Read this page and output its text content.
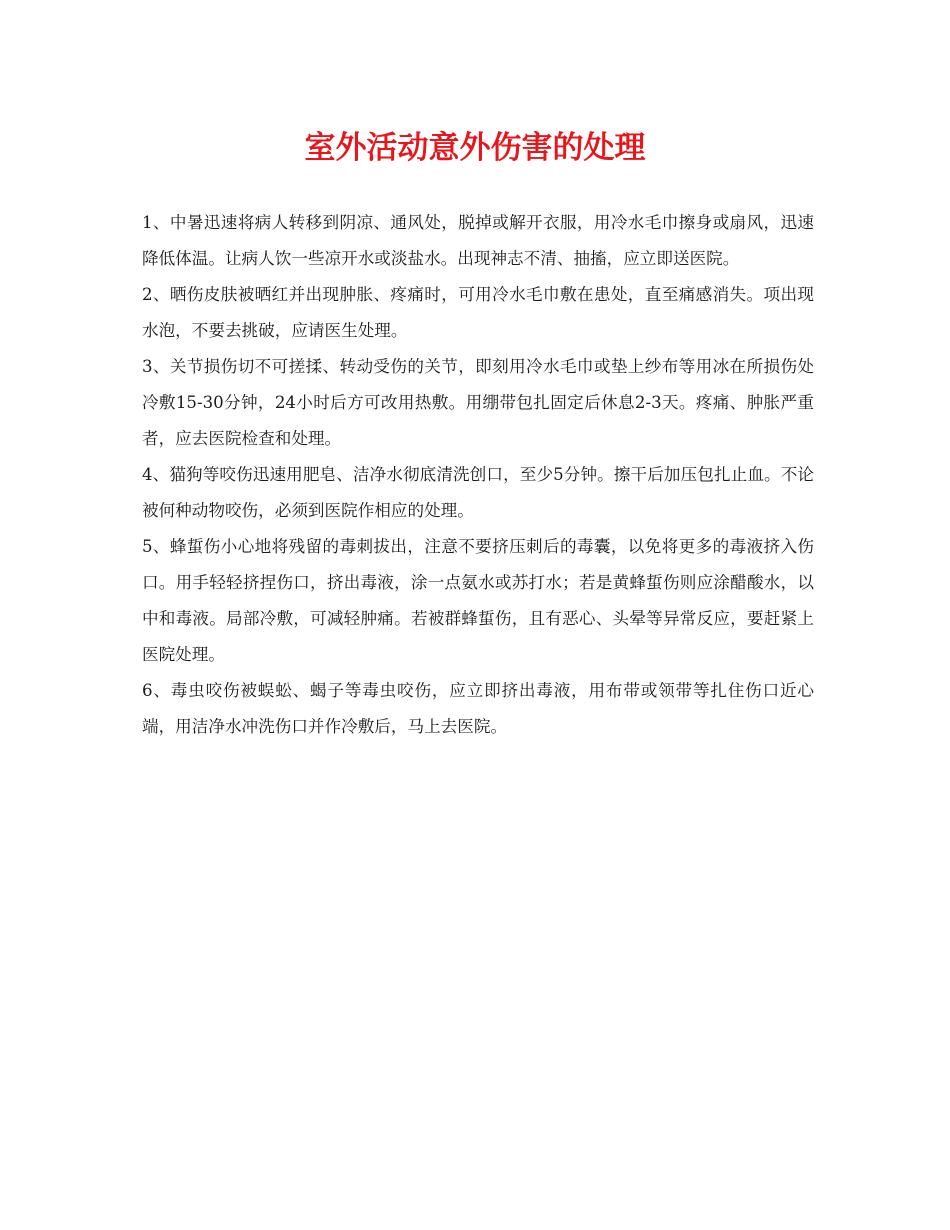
室外活动意外伤害的处理

1、中暑迅速将病人转移到阴凉、通风处，脱掉或解开衣服，用冷水毛巾擦身或扇风，迅速降低体温。让病人饮一些凉开水或淡盐水。出现神志不清、抽搐，应立即送医院。

2、晒伤皮肤被晒红并出现肿胀、疼痛时，可用冷水毛巾敷在患处，直至痛感消失。项出现水泡，不要去挑破，应请医生处理。

3、关节损伤切不可搓揉、转动受伤的关节，即刻用冷水毛巾或垫上纱布等用冰在所损伤处冷敷15-30分钟，24小时后方可改用热敷。用绷带包扎固定后休息2-3天。疼痛、肿胀严重者，应去医院检查和处理。

4、猫狗等咬伤迅速用肥皂、洁净水彻底清洗创口，至少5分钟。擦干后加压包扎止血。不论被何种动物咬伤，必须到医院作相应的处理。

5、蜂蜇伤小心地将残留的毒刺拔出，注意不要挤压刺后的毒囊，以免将更多的毒液挤入伤口。用手轻轻挤捏伤口，挤出毒液，涂一点氨水或苏打水；若是黄蜂蜇伤则应涂醋酸水，以中和毒液。局部冷敷，可减轻肿痛。若被群蜂蜇伤，且有恶心、头晕等异常反应，要赶紧上医院处理。

6、毒虫咬伤被蜈蚣、蝎子等毒虫咬伤，应立即挤出毒液，用布带或领带等扎住伤口近心端，用洁净水冲洗伤口并作冷敷后，马上去医院。
